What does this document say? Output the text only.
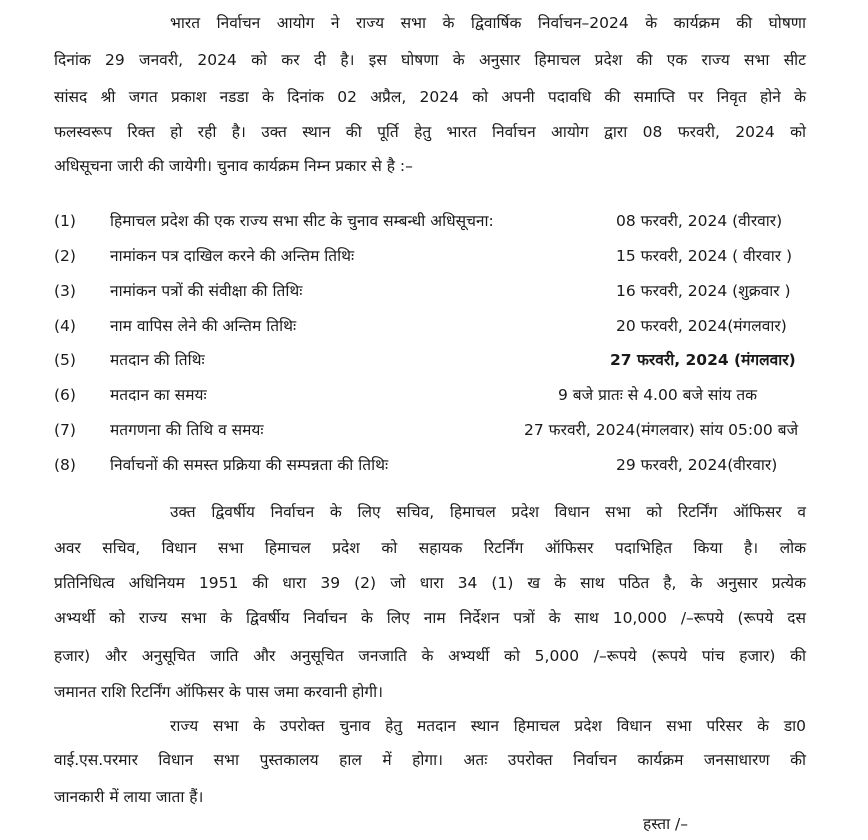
भारत निर्वाचन आयोग ने राज्य सभा के द्विवार्षिक निर्वाचन–2024 के कार्यक्रम की घोषणा
दिनांक 29 जनवरी, 2024 को कर दी है। इस घोषणा के अनुसार हिमाचल प्रदेश की एक राज्य सभा सीट
सांसद श्री जगत प्रकाश नडडा के दिनांक 02 अप्रैल, 2024 को अपनी पदावधि की समाप्ति पर निवृत होने के
फलस्वरूप रिक्त हो रही है। उक्त स्थान की पूर्ति हेतु भारत निर्वाचन आयोग द्वारा 08 फरवरी, 2024 को
अधिसूचना जारी की जायेगी। चुनाव कार्यक्रम निम्न प्रकार से है :–
(1) हिमाचल प्रदेश की एक राज्य सभा सीट के चुनाव सम्बन्धी अधिसूचना:	08 फरवरी, 2024 (वीरवार)
(2) नामांकन पत्र दाखिल करने की अन्तिम तिथिः	15 फरवरी, 2024 ( वीरवार )
(3) नामांकन पत्रों की संवीक्षा की तिथिः	16 फरवरी, 2024 (शुक्रवार )
(4) नाम वापिस लेने की अन्तिम तिथिः	20 फरवरी, 2024(मंगलवार)
(5) मतदान की तिथिः	27 फरवरी, 2024 (मंगलवार)
(6) मतदान का समयः	9 बजे प्रातः से 4.00 बजे सांय तक
(7) मतगणना की तिथि व समयः	27 फरवरी, 2024(मंगलवार) सांय 05:00 बजे
(8) निर्वाचनों की समस्त प्रक्रिया की सम्पन्नता की तिथिः	29 फरवरी, 2024(वीरवार)
उक्त द्विवर्षीय निर्वाचन के लिए सचिव, हिमाचल प्रदेश विधान सभा को रिटर्निंग ऑफिसर व
अवर सचिव, विधान सभा हिमाचल प्रदेश को सहायक रिटर्निंग ऑफिसर पदाभिहित किया है। लोक
प्रतिनिधित्व अधिनियम 1951 की धारा 39 (2) जो धारा 34 (1) ख के साथ पठित है, के अनुसार प्रत्येक
अभ्यर्थी को राज्य सभा के द्विवर्षीय निर्वाचन के लिए नाम निर्देशन पत्रों के साथ 10,000 /–रूपये (रूपये दस
हजार) और अनुसूचित जाति और अनुसूचित जनजाति के अभ्यर्थी को 5,000 /–रूपये (रूपये पांच हजार) की
जमानत राशि रिटर्निंग ऑफिसर के पास जमा करवानी होगी।
राज्य सभा के उपरोक्त चुनाव हेतु मतदान स्थान हिमाचल प्रदेश विधान सभा परिसर के डा0
वाई.एस.परमार विधान सभा पुस्तकालय हाल में होगा। अतः उपरोक्त निर्वाचन कार्यक्रम जनसाधारण की
जानकारी में लाया जाता हैं।
हस्ता /–
